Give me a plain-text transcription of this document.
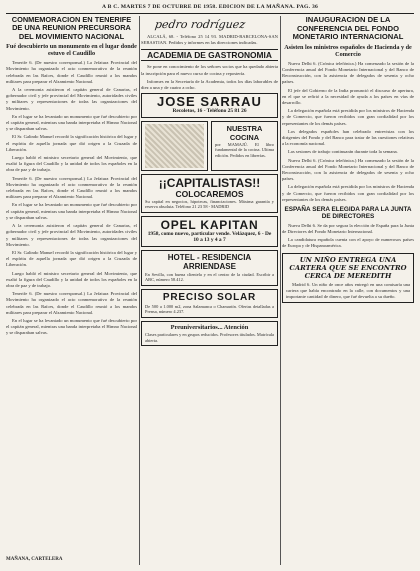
A B C. MARTES 7 DE OCTUBRE DE 1958. EDICION DE LA MAÑANA. PAG. 36
CONMEMORACION EN TENERIFE DE UNA REUNION PRECURSORA DEL MOVIMIENTO NACIONAL
Fué descubierto un monumento en el lugar donde estuvo el Caudillo

Tenerife 6. (De nuestro corresponsal.) La Jefatura Provincial del Movimiento ha organizado el acto conmemorativo de la reunión celebrada en las Raíces, donde el Caudillo reunió a los mandos militares para preparar el Alzamiento Nacional.

A la ceremonia asistieron el capitán general de Canarias, el gobernador civil y jefe provincial del Movimiento, autoridades civiles y militares y representaciones de todas las organizaciones del Movimiento.

En el lugar se ha levantado un monumento que fué descubierto por el capitán general, mientras una banda interpretaba el Himno Nacional y se disparaban salvas.

El Sr. Galindo Manuel recordó la significación histórica del lugar y el espíritu de aquella jornada que dió origen a la Cruzada de Liberación.

Luego habló el ministro secretario general del Movimiento, que exaltó la figura del Caudillo y la unidad de todos los españoles en la obra de paz y de trabajo.

Tenerife 6. (De nuestro corresponsal.) La Jefatura Provincial del Movimiento ha organizado el acto conmemorativo de la reunión celebrada en las Raíces, donde el Caudillo reunió a los mandos militares para preparar el Alzamiento Nacional.

En el lugar se ha levantado un monumento que fué descubierto por el capitán general, mientras una banda interpretaba el Himno Nacional y se disparaban salvas.

A la ceremonia asistieron el capitán general de Canarias, el gobernador civil y jefe provincial del Movimiento, autoridades civiles y militares y representaciones de todas las organizaciones del Movimiento.

El Sr. Galindo Manuel recordó la significación histórica del lugar y el espíritu de aquella jornada que dió origen a la Cruzada de Liberación.

Luego habló el ministro secretario general del Movimiento, que exaltó la figura del Caudillo y la unidad de todos los españoles en la obra de paz y de trabajo.

Tenerife 6. (De nuestro corresponsal.) La Jefatura Provincial del Movimiento ha organizado el acto conmemorativo de la reunión celebrada en las Raíces, donde el Caudillo reunió a los mandos militares para preparar el Alzamiento Nacional.

En el lugar se ha levantado un monumento que fué descubierto por el capitán general, mientras una banda interpretaba el Himno Nacional y se disparaban salvas.

MAÑANA, CARTELERA
pedro rodríguez

ALCALÁ, 68. - Teléfono 25 14 93. MADRID-BARCELONA-SAN SEBASTIAN. Pedidos y informes en las direcciones indicadas.

ACADEMIA DE GASTRONOMIA

Se pone en conocimiento de los señores socios que ha quedado abierta la inscripción para el nuevo curso de cocina y repostería.

Informes en la Secretaría de la Academia, todos los días laborables de diez a una y de cuatro a ocho.

JOSE SARRAU
Recoletos, 16 - Teléfono 25 81 26
NUESTRA COCINA
por MAMAJÚ. El libro fundamental de la cocina. Ultima edición. Pedidos en librerías.
¡¡CAPITALISTAS!!
COLOCAREMOS
Su capital en negocios, hipotecas, financiaciones. Máxima garantía y reserva absoluta. Teléfono 21 23 58 - MADRID
OPEL KAPITAN
1958, como nuevo, particular vende. Velázquez, 6 - De 10 a 13 y 4 a 7
HOTEL - RESIDENCIA ARRIENDASE
En Sevilla, con buena clientela y en el centro de la ciudad. Escribir a ABC, número 58.412.
PRECISO SOLAR
De 500 a 1.000 m2, zona Salamanca o Chamartín. Ofertas detalladas a Prensa, número 4.237.
Preuniversitarios... Atención
Clases particulares y en grupos reducidos. Profesores titulados. Matrícula abierta.
INAUGURACION DE LA CONFERENCIA DEL FONDO MONETARIO INTERNACIONAL
Asisten los ministros españoles de Hacienda y de Comercio

Nueva Delhi 6. (Crónica telefónica.) Ha comenzado la sesión de la Conferencia anual del Fondo Monetario Internacional y del Banco de Reconstrucción, con la asistencia de delegados de sesenta y ocho países.

El jefe del Gobierno de la India pronunció el discurso de apertura, en el que se refirió a la necesidad de ayuda a los países en vías de desarrollo.

La delegación española está presidida por los ministros de Hacienda y de Comercio, que fueron recibidos con gran cordialidad por los representantes de los demás países.

Los delegados españoles han celebrado entrevistas con los dirigentes del Fondo y del Banco para tratar de las cuestiones relativas a la economía nacional.

Las sesiones de trabajo continuarán durante toda la semana.

Nueva Delhi 6. (Crónica telefónica.) Ha comenzado la sesión de la Conferencia anual del Fondo Monetario Internacional y del Banco de Reconstrucción, con la asistencia de delegados de sesenta y ocho países.

La delegación española está presidida por los ministros de Hacienda y de Comercio, que fueron recibidos con gran cordialidad por los representantes de los demás países.

ESPAÑA SERA ELEGIDA PARA LA JUNTA DE DIRECTORES

Nueva Delhi 6. Se da por segura la elección de España para la Junta de Directores del Fondo Monetario Internacional.

La candidatura española cuenta con el apoyo de numerosos países de Europa y de Hispanoamérica.

UN NIÑO ENTREGA UNA CARTERA QUE SE ENCONTRO CERCA DE MEREDITH

Madrid 6. Un niño de once años entregó en una comisaría una cartera que había encontrado en la calle, con documentos y una importante cantidad de dinero, que fué devuelta a su dueño.
